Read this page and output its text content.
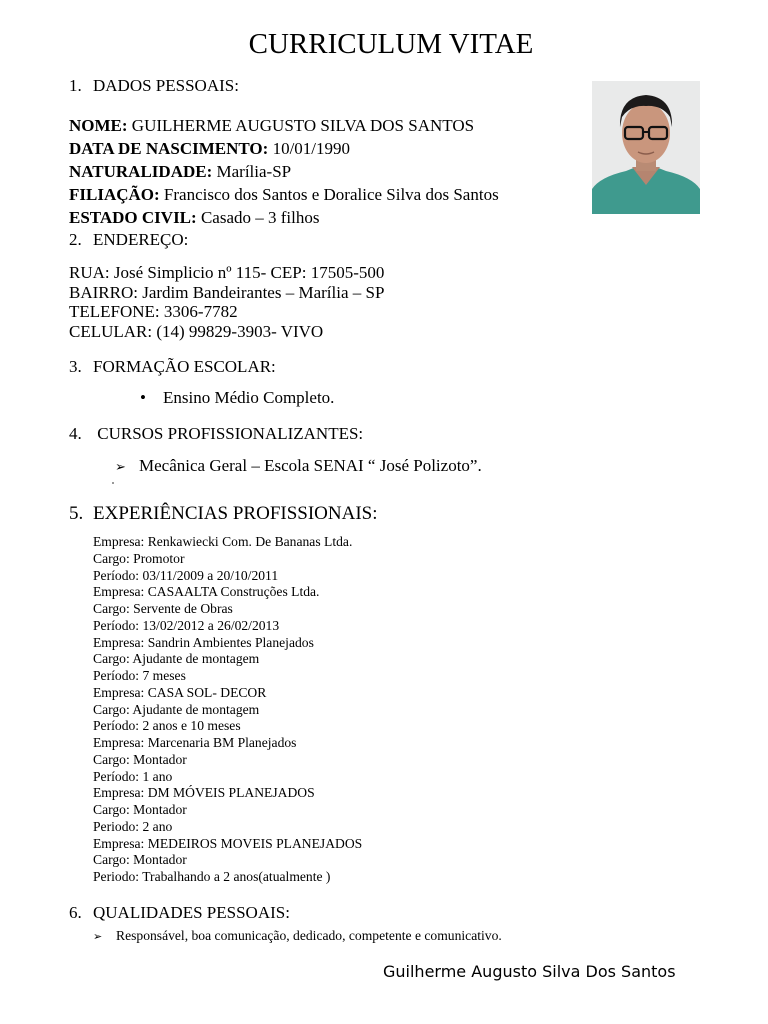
CURRICULUM VITAE
1. DADOS PESSOAIS:
NOME: GUILHERME AUGUSTO SILVA DOS SANTOS
DATA DE NASCIMENTO: 10/01/1990
NATURALIDADE: Marília-SP
FILIAÇÃO: Francisco dos Santos e Doralice Silva dos Santos
ESTADO CIVIL: Casado – 3 filhos
2. ENDEREÇO:
RUA: José Simplicio nº 115- CEP: 17505-500
BAIRRO: Jardim Bandeirantes – Marília – SP
TELEFONE: 3306-7782
CELULAR: (14) 99829-3903- VIVO
3. FORMAÇÃO ESCOLAR:
• Ensino Médio Completo.
4. CURSOS PROFISSIONALIZANTES:
➢ Mecânica Geral – Escola SENAI “ José Polizoto”.
5. EXPERIÊNCIAS PROFISSIONAIS:
Empresa: Renkawiecki Com. De Bananas Ltda.
Cargo: Promotor
Período: 03/11/2009 a 20/10/2011
Empresa: CASAALTA Construções Ltda.
Cargo: Servente de Obras
Período: 13/02/2012 a 26/02/2013
Empresa: Sandrin Ambientes Planejados
Cargo: Ajudante de montagem
Período: 7 meses
Empresa: CASA SOL- DECOR
Cargo: Ajudante de montagem
Período: 2 anos e 10 meses
Empresa: Marcenaria BM Planejados
Cargo: Montador
Período: 1 ano
Empresa: DM MÓVEIS PLANEJADOS
Cargo: Montador
Periodo: 2 ano
Empresa: MEDEIROS MOVEIS PLANEJADOS
Cargo: Montador
Periodo: Trabalhando a 2 anos(atualmente )
6. QUALIDADES PESSOAIS:
➢ Responsável, boa comunicação, dedicado, competente e comunicativo.
Guilherme Augusto Silva Dos Santos
